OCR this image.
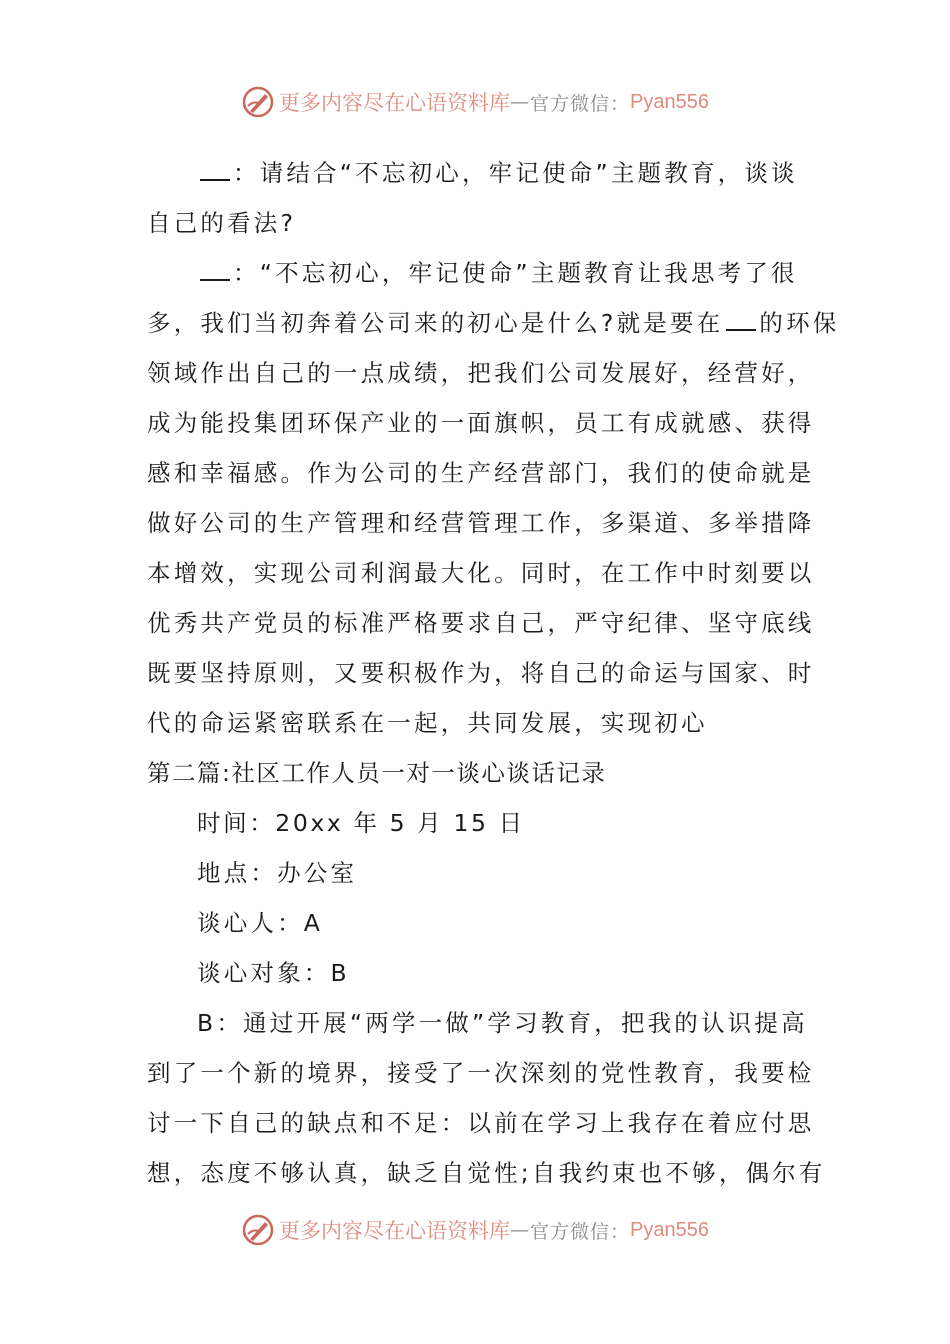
更多内容尽在心语资料库 — 官方微信： Pyan556
：请结合“不忘初心，牢记使命”主题教育，谈谈
自己的看法?
：“不忘初心，牢记使命”主题教育让我思考了很
多，我们当初奔着公司来的初心是什么?就是要在 的环保
领域作出自己的一点成绩，把我们公司发展好，经营好，
成为能投集团环保产业的一面旗帜，员工有成就感、获得
感和幸福感。作为公司的生产经营部门，我们的使命就是
做好公司的生产管理和经营管理工作，多渠道、多举措降
本增效，实现公司利润最大化。同时，在工作中时刻要以
优秀共产党员的标准严格要求自己，严守纪律、坚守底线
既要坚持原则，又要积极作为，将自己的命运与国家、时
代的命运紧密联系在一起，共同发展，实现初心
第二篇:社区工作人员一对一谈心谈话记录
时间：20xx 年 5 月 15 日
地点：办公室
谈心人：A
谈心对象：B
B：通过开展“两学一做”学习教育，把我的认识提高
到了一个新的境界，接受了一次深刻的党性教育，我要检
讨一下自己的缺点和不足：以前在学习上我存在着应付思
想，态度不够认真，缺乏自觉性;自我约束也不够，偶尔有
更多内容尽在心语资料库 — 官方微信： Pyan556
